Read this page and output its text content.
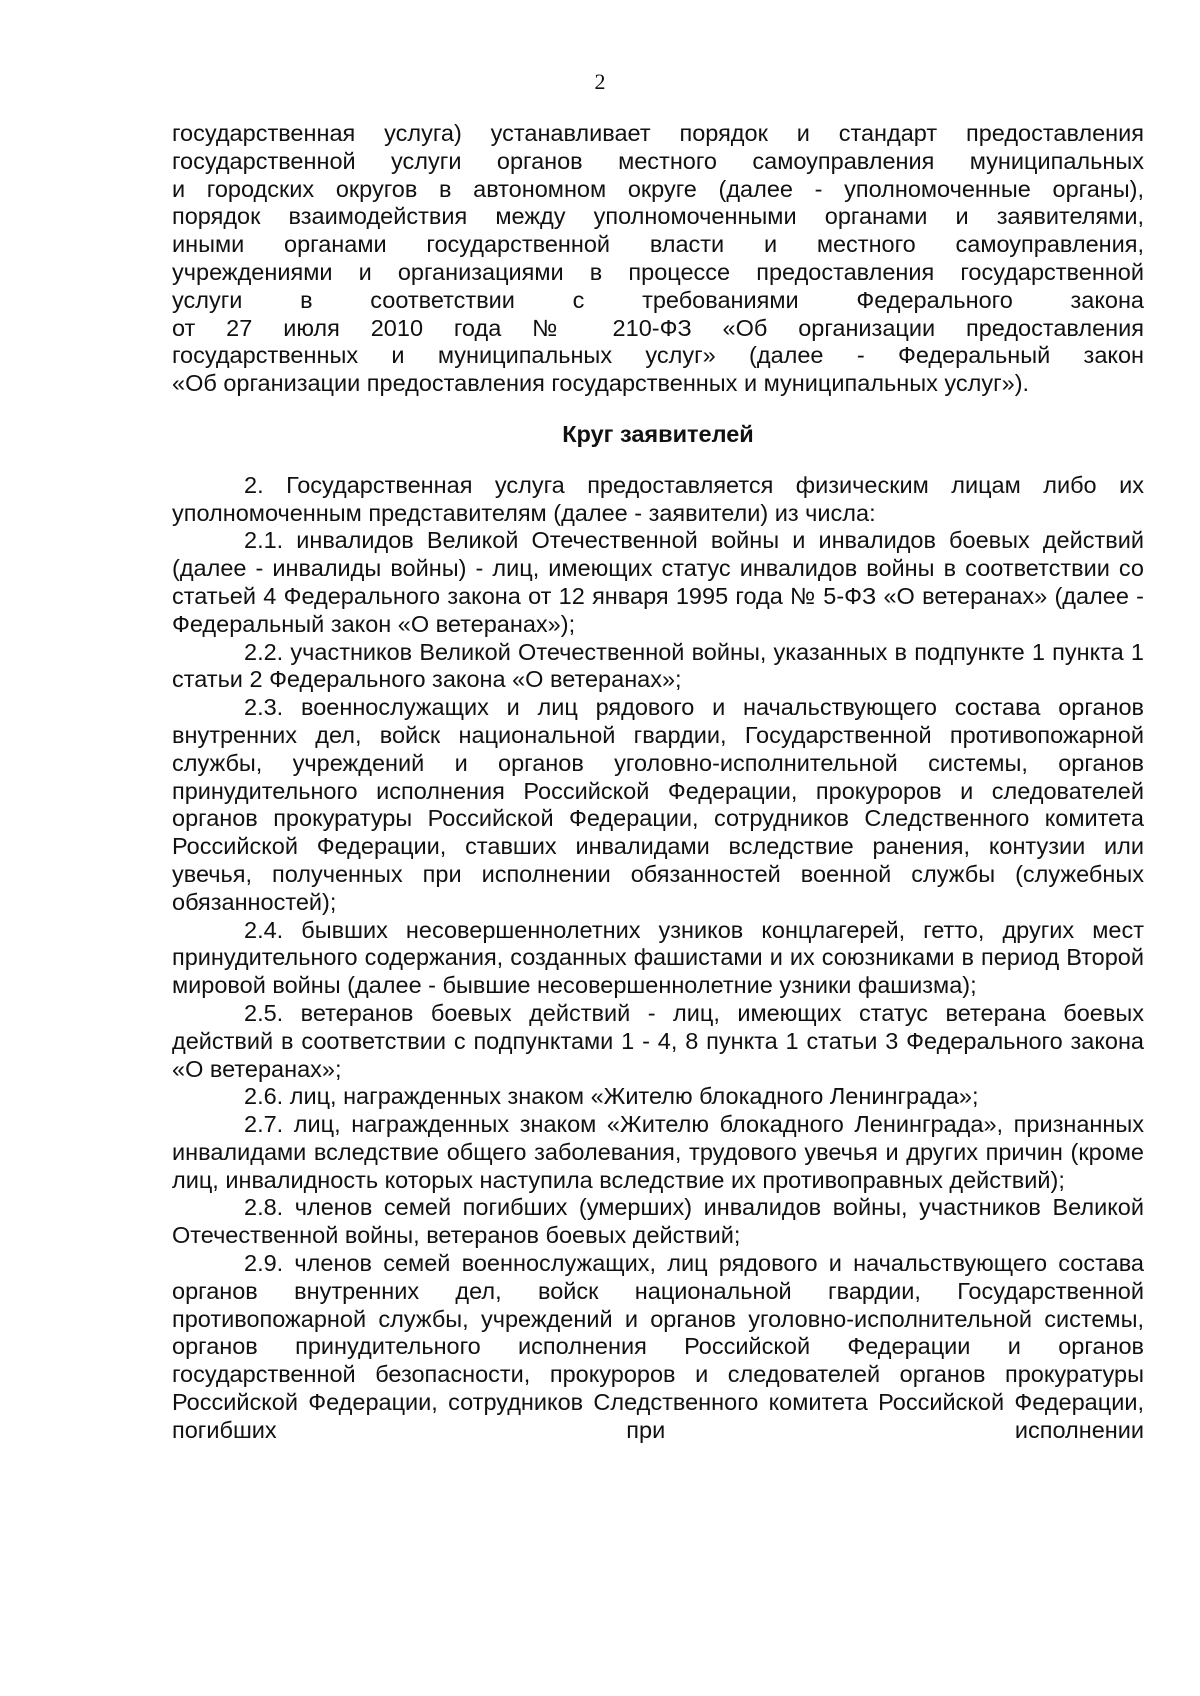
2
государственная услуга) устанавливает порядок и стандарт предоставления
государственной услуги органов местного самоуправления муниципальных
и городских округов в автономном округе (далее - уполномоченные органы),
порядок взаимодействия между уполномоченными органами и заявителями,
иными органами государственной власти и местного самоуправления,
учреждениями и организациями в процессе предоставления государственной
услуги в соответствии с требованиями Федерального закона
от 27 июля 2010 года № 210-ФЗ «Об организации предоставления
государственных и муниципальных услуг» (далее - Федеральный закон
«Об организации предоставления государственных и муниципальных услуг»).
Круг заявителей

2. Государственная услуга предоставляется физическим лицам либо их уполномоченным представителям (далее - заявители) из числа:

2.1. инвалидов Великой Отечественной войны и инвалидов боевых действий (далее - инвалиды войны) - лиц, имеющих статус инвалидов войны в соответствии со статьей 4 Федерального закона от 12 января 1995 года № 5-ФЗ «О ветеранах» (далее - Федеральный закон «О ветеранах»);

2.2. участников Великой Отечественной войны, указанных в подпункте 1 пункта 1 статьи 2 Федерального закона «О ветеранах»;

2.3. военнослужащих и лиц рядового и начальствующего состава органов внутренних дел, войск национальной гвардии, Государственной противопожарной службы, учреждений и органов уголовно-исполнительной системы, органов принудительного исполнения Российской Федерации, прокуроров и следователей органов прокуратуры Российской Федерации, сотрудников Следственного комитета Российской Федерации, ставших инвалидами вследствие ранения, контузии или увечья, полученных при исполнении обязанностей военной службы (служебных обязанностей);

2.4. бывших несовершеннолетних узников концлагерей, гетто, других мест принудительного содержания, созданных фашистами и их союзниками в период Второй мировой войны (далее - бывшие несовершеннолетние узники фашизма);

2.5. ветеранов боевых действий - лиц, имеющих статус ветерана боевых действий в соответствии с подпунктами 1 - 4, 8 пункта 1 статьи 3 Федерального закона «О ветеранах»;

2.6. лиц, награжденных знаком «Жителю блокадного Ленинграда»;

2.7. лиц, награжденных знаком «Жителю блокадного Ленинграда», признанных инвалидами вследствие общего заболевания, трудового увечья и других причин (кроме лиц, инвалидность которых наступила вследствие их противоправных действий);

2.8. членов семей погибших (умерших) инвалидов войны, участников Великой Отечественной войны, ветеранов боевых действий;

2.9. членов семей военнослужащих, лиц рядового и начальствующего состава органов внутренних дел, войск национальной гвардии, Государственной противопожарной службы, учреждений и органов уголовно-исполнительной системы, органов принудительного исполнения Российской Федерации и органов государственной безопасности, прокуроров и следователей органов прокуратуры Российской Федерации, сотрудников Следственного комитета Российской Федерации, погибших при исполнении
